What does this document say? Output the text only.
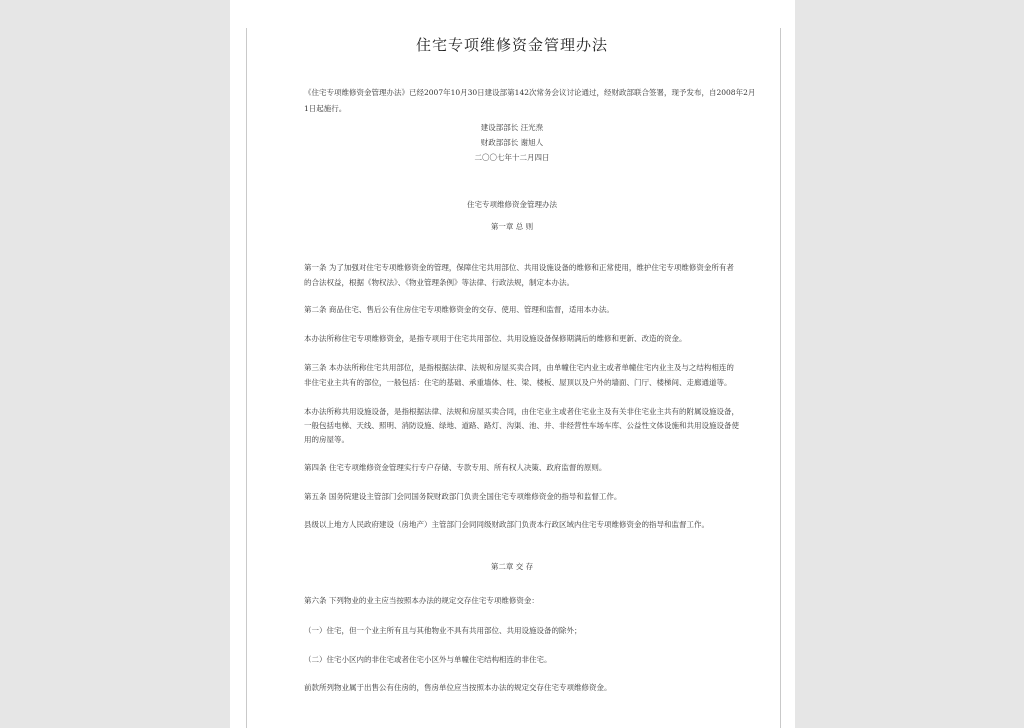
住宅专项维修资金管理办法

《住宅专项维修资金管理办法》已经2007年10月30日建设部第142次常务会议讨论通过，经财政部联合签署，现予发布，自2008年2月

1日起施行。

建设部部长 汪光焘

财政部部长 谢旭人

二〇〇七年十二月四日

住宅专项维修资金管理办法

第一章 总 则

第一条 为了加强对住宅专项维修资金的管理，保障住宅共用部位、共用设施设备的维修和正常使用，维护住宅专项维修资金所有者

的合法权益，根据《物权法》、《物业管理条例》等法律、行政法规，制定本办法。

第二条 商品住宅、售后公有住房住宅专项维修资金的交存、使用、管理和监督，适用本办法。

本办法所称住宅专项维修资金，是指专项用于住宅共用部位、共用设施设备保修期满后的维修和更新、改造的资金。

第三条 本办法所称住宅共用部位，是指根据法律、法规和房屋买卖合同，由单幢住宅内业主或者单幢住宅内业主及与之结构相连的

非住宅业主共有的部位，一般包括：住宅的基础、承重墙体、柱、梁、楼板、屋顶以及户外的墙面、门厅、楼梯间、走廊通道等。

本办法所称共用设施设备，是指根据法律、法规和房屋买卖合同，由住宅业主或者住宅业主及有关非住宅业主共有的附属设施设备，

一般包括电梯、天线、照明、消防设施、绿地、道路、路灯、沟渠、池、井、非经营性车场车库、公益性文体设施和共用设施设备使

用的房屋等。

第四条 住宅专项维修资金管理实行专户存储、专款专用、所有权人决策、政府监督的原则。

第五条 国务院建设主管部门会同国务院财政部门负责全国住宅专项维修资金的指导和监督工作。

县级以上地方人民政府建设（房地产）主管部门会同同级财政部门负责本行政区域内住宅专项维修资金的指导和监督工作。

第二章 交 存

第六条 下列物业的业主应当按照本办法的规定交存住宅专项维修资金：

（一）住宅，但一个业主所有且与其他物业不具有共用部位、共用设施设备的除外；

（二）住宅小区内的非住宅或者住宅小区外与单幢住宅结构相连的非住宅。

前款所列物业属于出售公有住房的，售房单位应当按照本办法的规定交存住宅专项维修资金。
